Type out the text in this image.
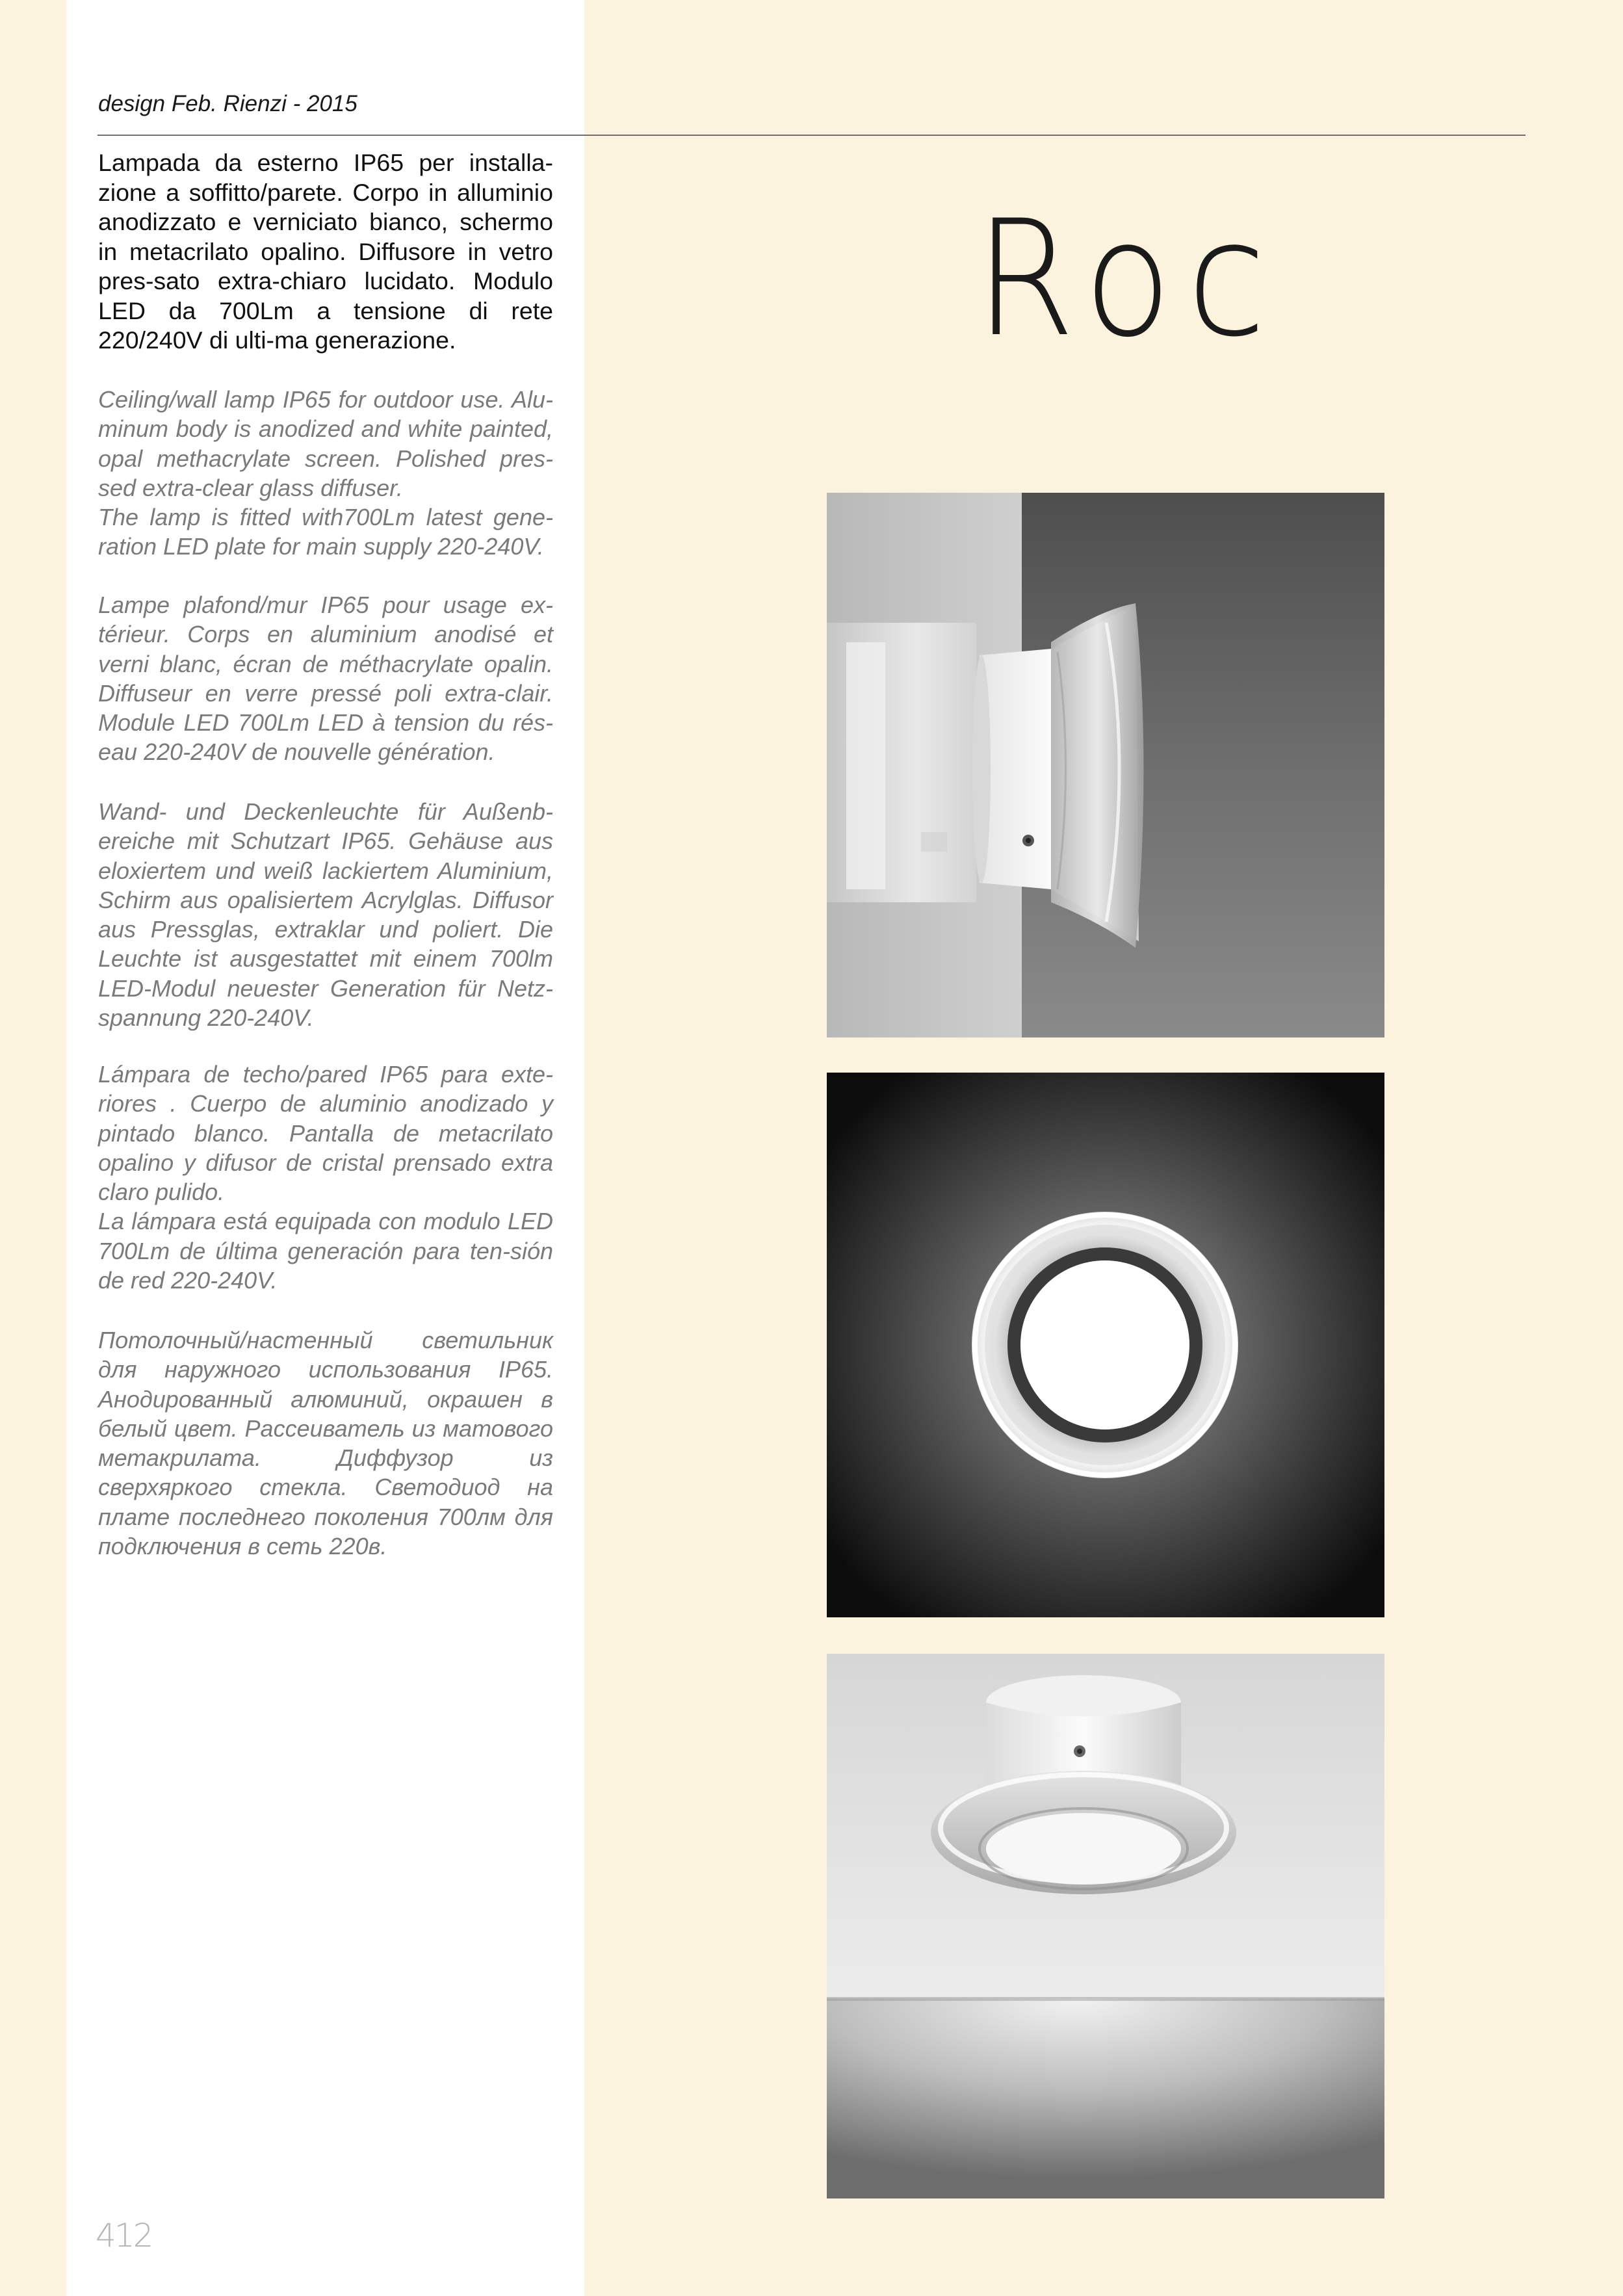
design Feb. Rienzi - 2015
Lampada da esterno IP65 per installa-zione a soffitto/parete. Corpo in alluminio anodizzato e verniciato bianco, schermo in metacrilato opalino. Diffusore in vetro pres-sato extra-chiaro lucidato. Modulo LED da 700Lm a tensione di rete 220/240V di ulti-ma generazione.

Ceiling/wall lamp IP65 for outdoor use. Alu-minum body is anodized and white painted, opal methacrylate screen. Polished pres-sed extra-clear glass diffuser.

The lamp is fitted with700Lm latest gene-ration LED plate for main supply 220-240V.

Lampe plafond/mur IP65 pour usage ex-térieur. Corps en aluminium anodisé et verni blanc, écran de méthacrylate opalin. Diffuseur en verre pressé poli extra-clair. Module LED 700Lm LED à tension du rés-eau 220-240V de nouvelle génération.

Wand- und Deckenleuchte für Außenb-ereiche mit Schutzart IP65. Gehäuse aus eloxiertem und weiß lackiertem Aluminium, Schirm aus opalisiertem Acrylglas. Diffusor aus Pressglas, extraklar und poliert. Die Leuchte ist ausgestattet mit einem 700lm LED-Modul neuester Generation für Netz-spannung 220-240V.

Lámpara de techo/pared IP65 para exte-riores . Cuerpo de aluminio anodizado y pintado blanco. Pantalla de metacrilato opalino y difusor de cristal prensado extra claro pulido.

La lámpara está equipada con modulo LED 700Lm de última generación para ten-sión de red 220-240V.

Потолочный/настенный светильник для наружного использования IP65. Анодированный алюминий, окрашен в белый цвет. Рассеиватель из матового метакрилата. Диффузор из сверхяркого стекла. Светодиод на плате последнего поколения 700лм для подключения в сеть 220в.

Roc
412
